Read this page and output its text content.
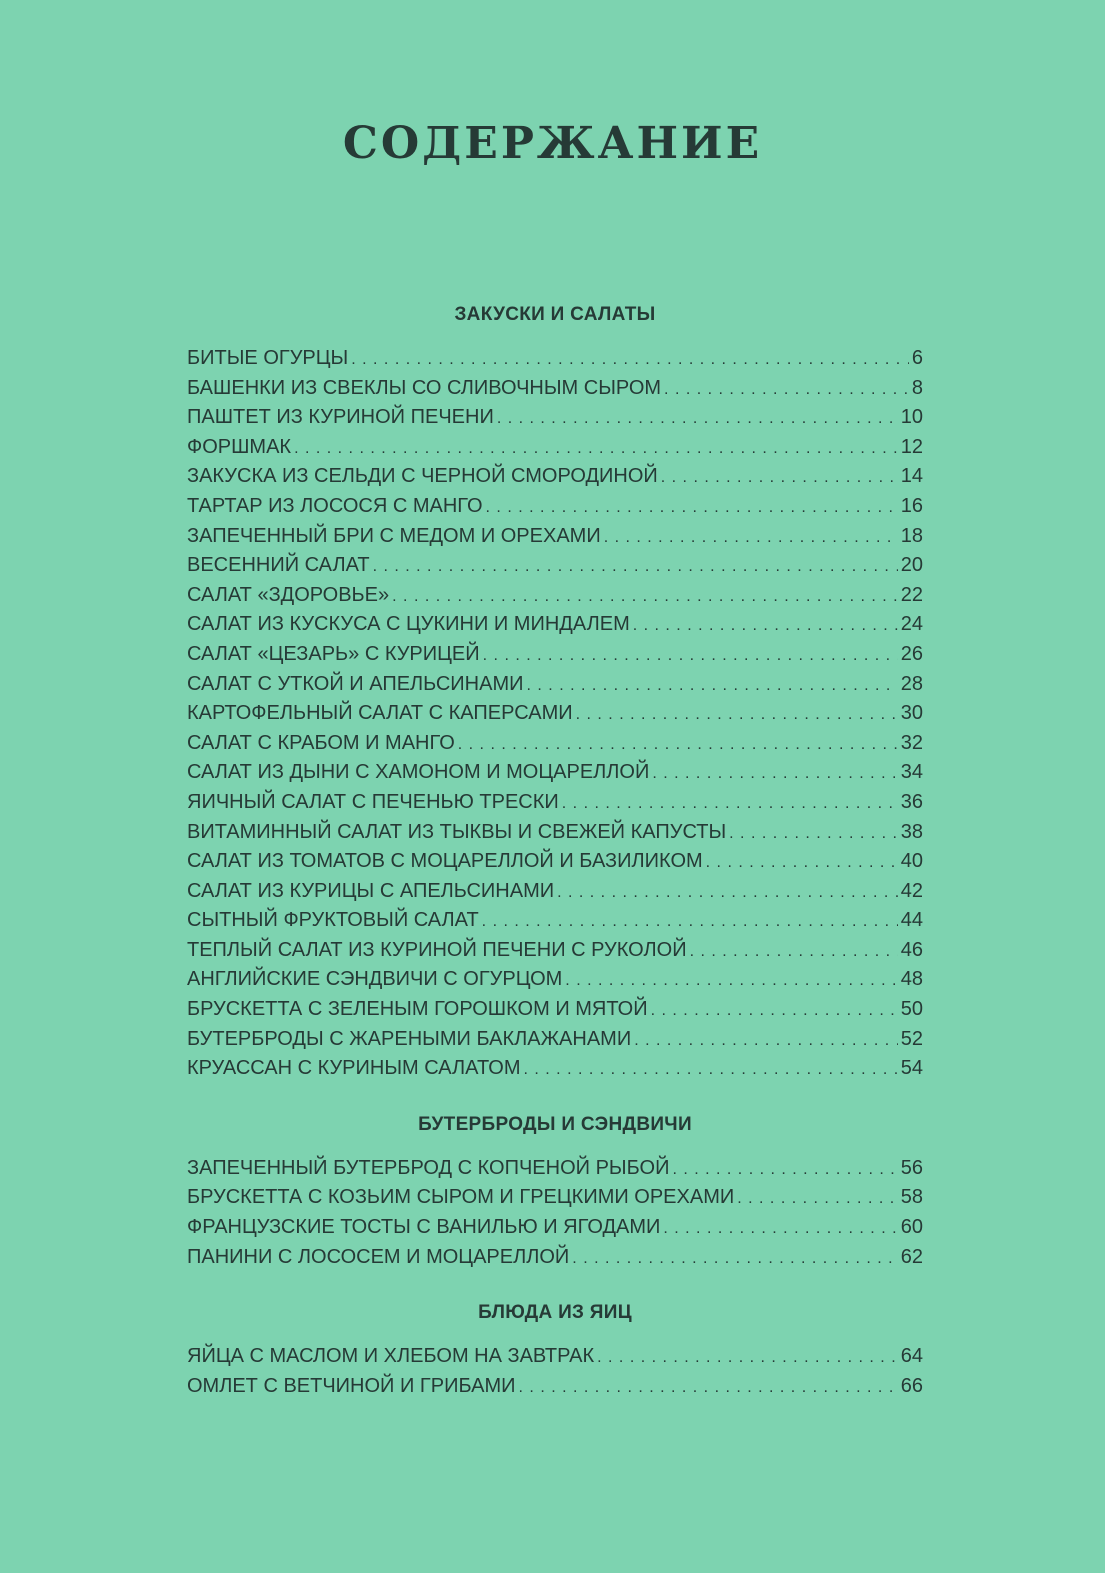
СОДЕРЖАНИЕ
ЗАКУСКИ И САЛАТЫ
БИТЫЕ ОГУРЦЫ . . .	6
БАШЕНКИ ИЗ СВЕКЛЫ СО СЛИВОЧНЫМ СЫРОМ . . .	8
ПАШТЕТ ИЗ КУРИНОЙ ПЕЧЕНИ . . .	10
ФОРШМАК . . .	12
ЗАКУСКА ИЗ СЕЛЬДИ С ЧЕРНОЙ СМОРОДИНОЙ . . .	14
ТАРТАР ИЗ ЛОСОСЯ С МАНГО . . .	16
ЗАПЕЧЕННЫЙ БРИ С МЕДОМ И ОРЕХАМИ . . .	18
ВЕСЕННИЙ САЛАТ . . .	20
САЛАТ «ЗДОРОВЬЕ» . . .	22
САЛАТ ИЗ КУСКУСА С ЦУКИНИ И МИНДАЛЕМ . . .	24
САЛАТ «ЦЕЗАРЬ» С КУРИЦЕЙ . . .	26
САЛАТ С УТКОЙ И АПЕЛЬСИНАМИ . . .	28
КАРТОФЕЛЬНЫЙ САЛАТ С КАПЕРСАМИ . . .	30
САЛАТ С КРАБОМ И МАНГО . . .	32
САЛАТ ИЗ ДЫНИ С ХАМОНОМ И МОЦАРЕЛЛОЙ . . .	34
ЯИЧНЫЙ САЛАТ С ПЕЧЕНЬЮ ТРЕСКИ . . .	36
ВИТАМИННЫЙ САЛАТ ИЗ ТЫКВЫ И СВЕЖЕЙ КАПУСТЫ . . .	38
САЛАТ ИЗ ТОМАТОВ С МОЦАРЕЛЛОЙ И БАЗИЛИКОМ . . .	40
САЛАТ ИЗ КУРИЦЫ С АПЕЛЬСИНАМИ . . .	42
СЫТНЫЙ ФРУКТОВЫЙ САЛАТ . . .	44
ТЕПЛЫЙ САЛАТ ИЗ КУРИНОЙ ПЕЧЕНИ С РУКОЛОЙ . . .	46
АНГЛИЙСКИЕ СЭНДВИЧИ С ОГУРЦОМ . . .	48
БРУСКЕТТА С ЗЕЛЕНЫМ ГОРОШКОМ И МЯТОЙ . . .	50
БУТЕРБРОДЫ С ЖАРЕНЫМИ БАКЛАЖАНАМИ . . .	52
КРУАССАН С КУРИНЫМ САЛАТОМ . . .	54
БУТЕРБРОДЫ И СЭНДВИЧИ
ЗАПЕЧЕННЫЙ БУТЕРБРОД С КОПЧЕНОЙ РЫБОЙ . . .	56
БРУСКЕТТА С КОЗЬИМ СЫРОМ И ГРЕЦКИМИ ОРЕХАМИ . . .	58
ФРАНЦУЗСКИЕ ТОСТЫ С ВАНИЛЬЮ И ЯГОДАМИ . . .	60
ПАНИНИ С ЛОСОСЕМ И МОЦАРЕЛЛОЙ . . .	62
БЛЮДА ИЗ ЯИЦ
ЯЙЦА С МАСЛОМ И ХЛЕБОМ НА ЗАВТРАК . . .	64
ОМЛЕТ С ВЕТЧИНОЙ И ГРИБАМИ . . .	66
